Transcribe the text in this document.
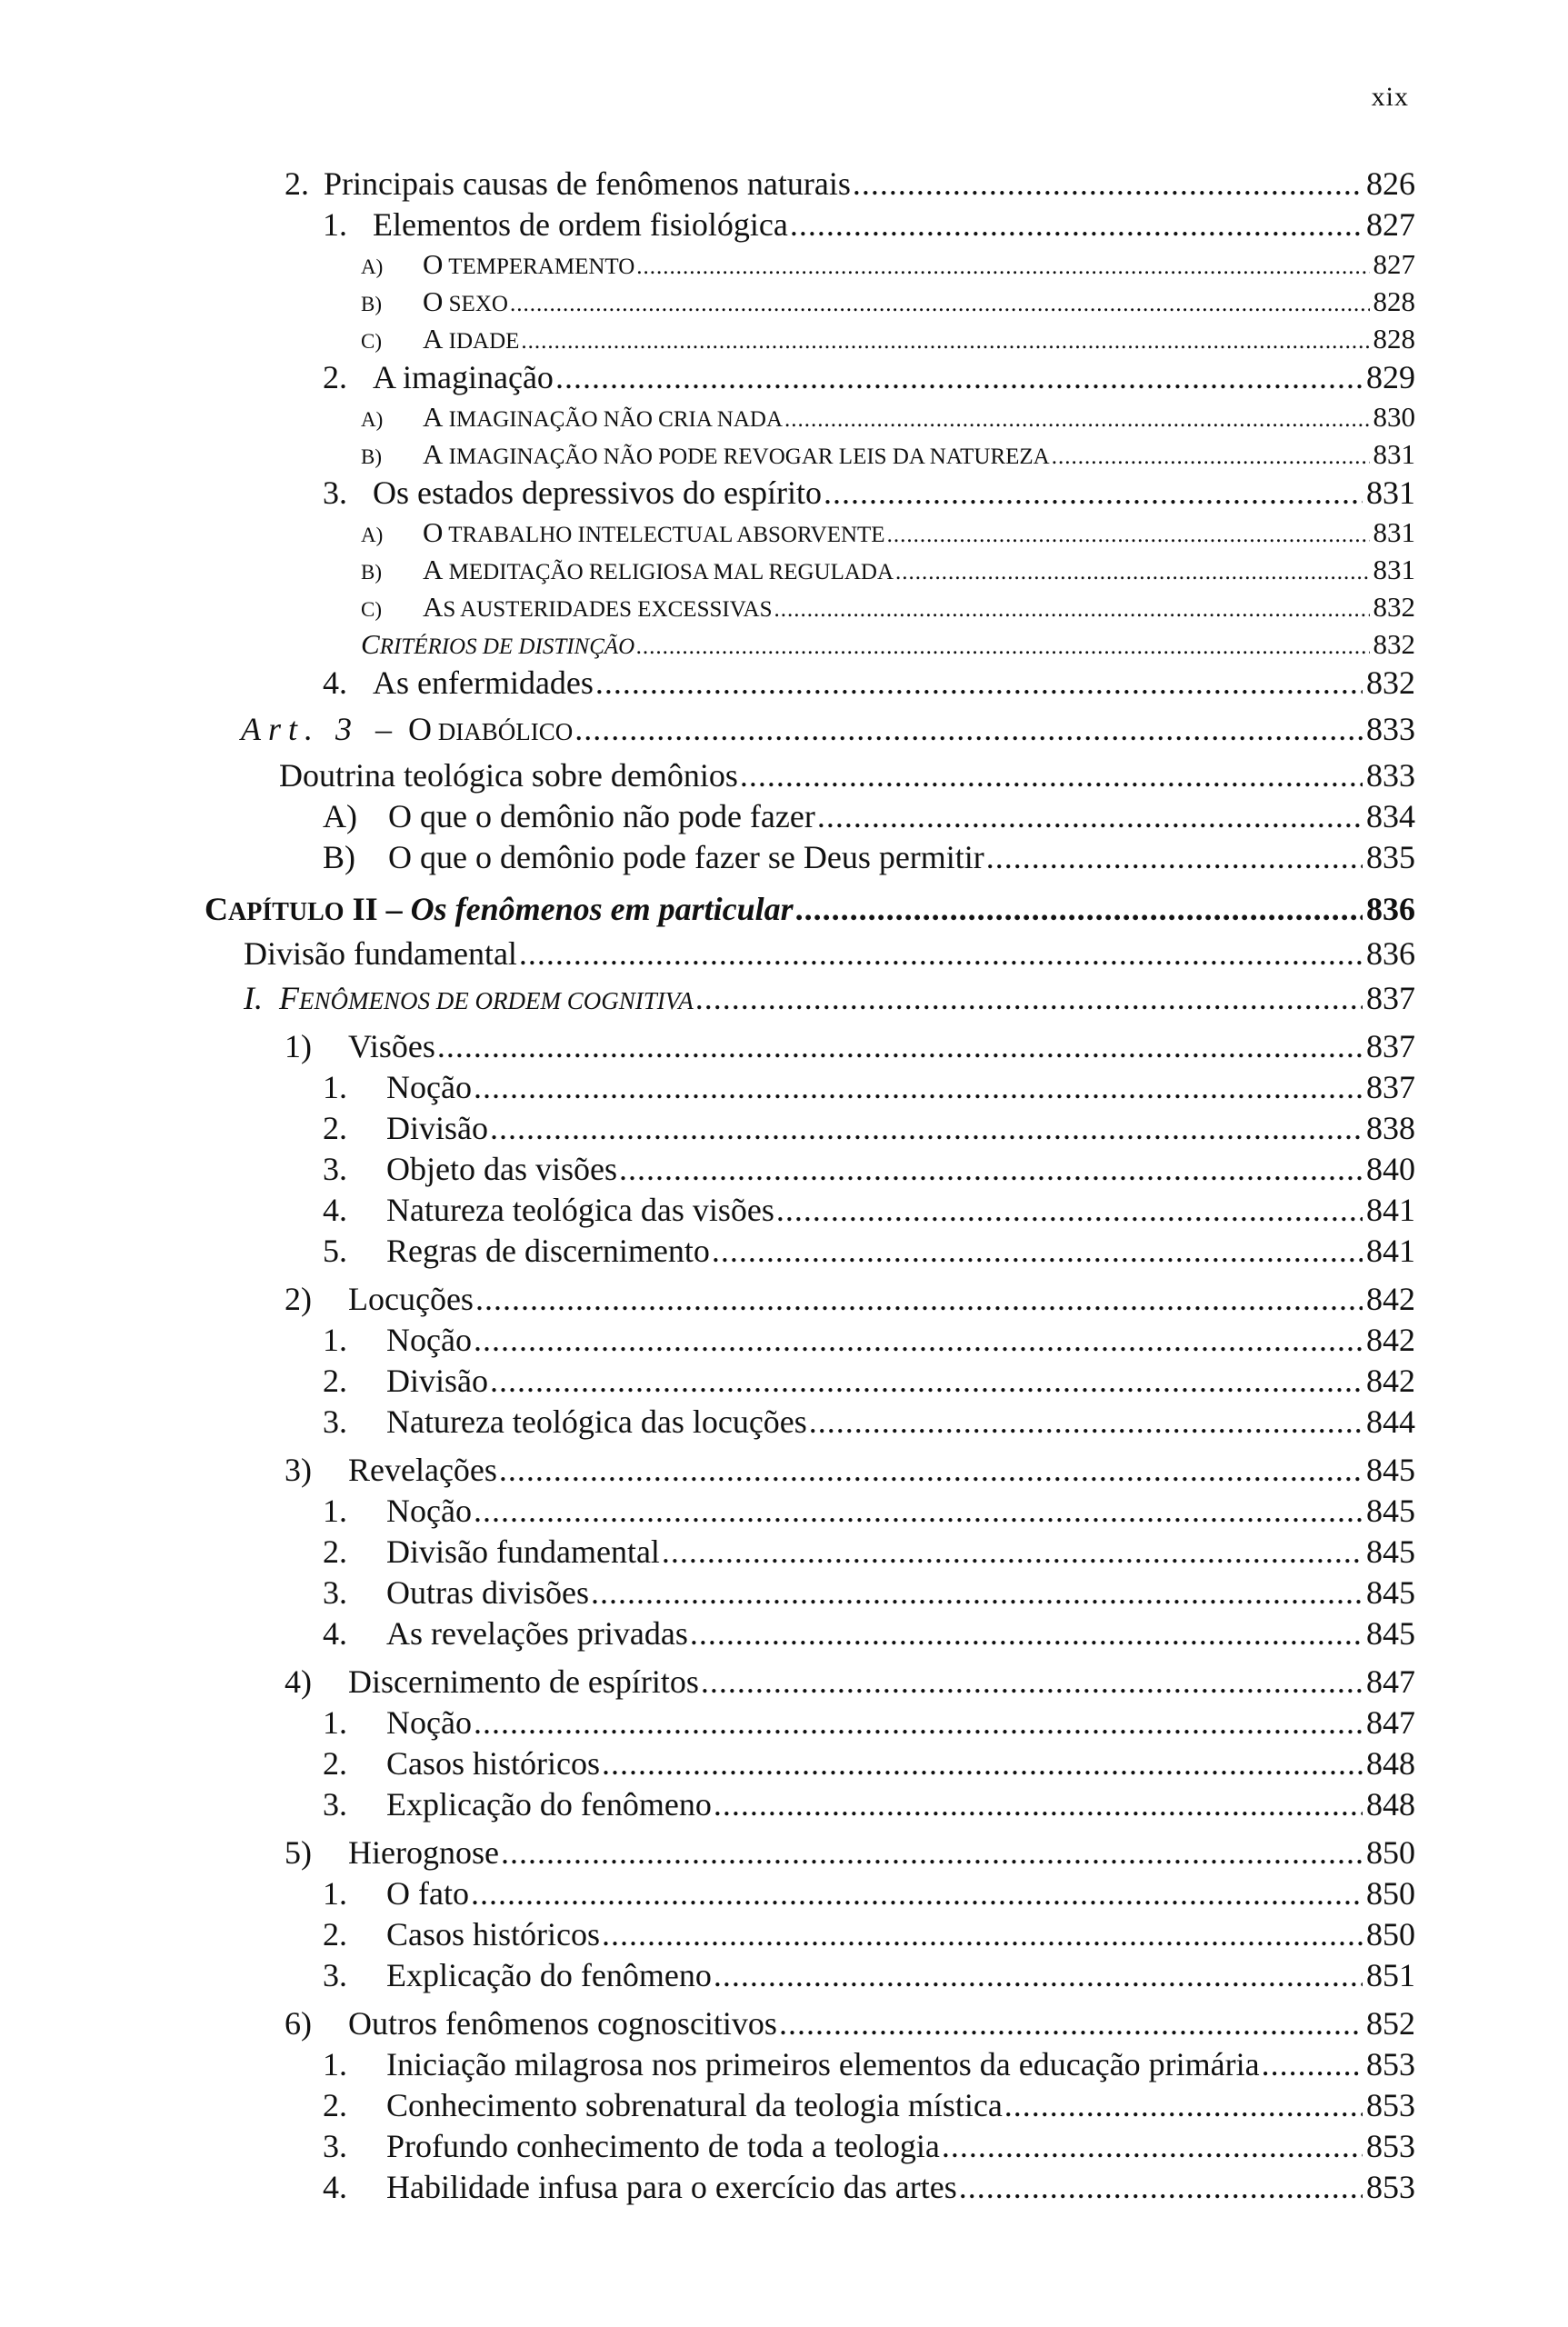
xix
2. Principais causas de fenômenos naturais .....	826
1. Elementos de ordem fisiológica .....	827
A)	O TEMPERAMENTO .....	827
B)	O SEXO .....	828
C)	A IDADE .....	828
2. A imaginação .....	829
A)	A IMAGINAÇÃO NÃO CRIA NADA .....	830
B)	A IMAGINAÇÃO NÃO PODE REVOGAR LEIS DA NATUREZA .....	831
3. Os estados depressivos do espírito .....	831
A)	O TRABALHO INTELECTUAL ABSORVENTE .....	831
B)	A MEDITAÇÃO RELIGIOSA MAL REGULADA .....	831
C)	AS AUSTERIDADES EXCESSIVAS .....	832
CRITÉRIOS DE DISTINÇÃO .....	832
4. As enfermidades .....	832
Art. 3 – O DIABÓLICO .....	833
Doutrina teológica sobre demônios .....	833
A) O que o demônio não pode fazer .....	834
B)	O que o demônio pode fazer se Deus permitir .....	835
CAPÍTULO II – Os fenômenos em particular .....	836
Divisão fundamental .....	836
I. FENÔMENOS DE ORDEM COGNITIVA .....	837
1)	Visões .....	837
1.	Noção .....	837
2.	Divisão .....	838
3.	Objeto das visões .....	840
4.	Natureza teológica das visões .....	841
5.	Regras de discernimento .....	841
2)	Locuções .....	842
1.	Noção .....	842
2.	Divisão .....	842
3.	Natureza teológica das locuções .....	844
3)	Revelações .....	845
1.	Noção .....	845
2.	Divisão fundamental .....	845
3.	Outras divisões .....	845
4.	As revelações privadas .....	845
4)	Discernimento de espíritos .....	847
1.	Noção .....	847
2.	Casos históricos .....	848
3.	Explicação do fenômeno .....	848
5)	Hierognose .....	850
1.	O fato .....	850
2.	Casos históricos .....	850
3.	Explicação do fenômeno .....	851
6)	Outros fenômenos cognoscitivos .....	852
1.	Iniciação milagrosa nos primeiros elementos da educação primária .....	853
2.	Conhecimento sobrenatural da teologia mística .....	853
3.	Profundo conhecimento de toda a teologia .....	853
4.	Habilidade infusa para o exercício das artes .....	853
